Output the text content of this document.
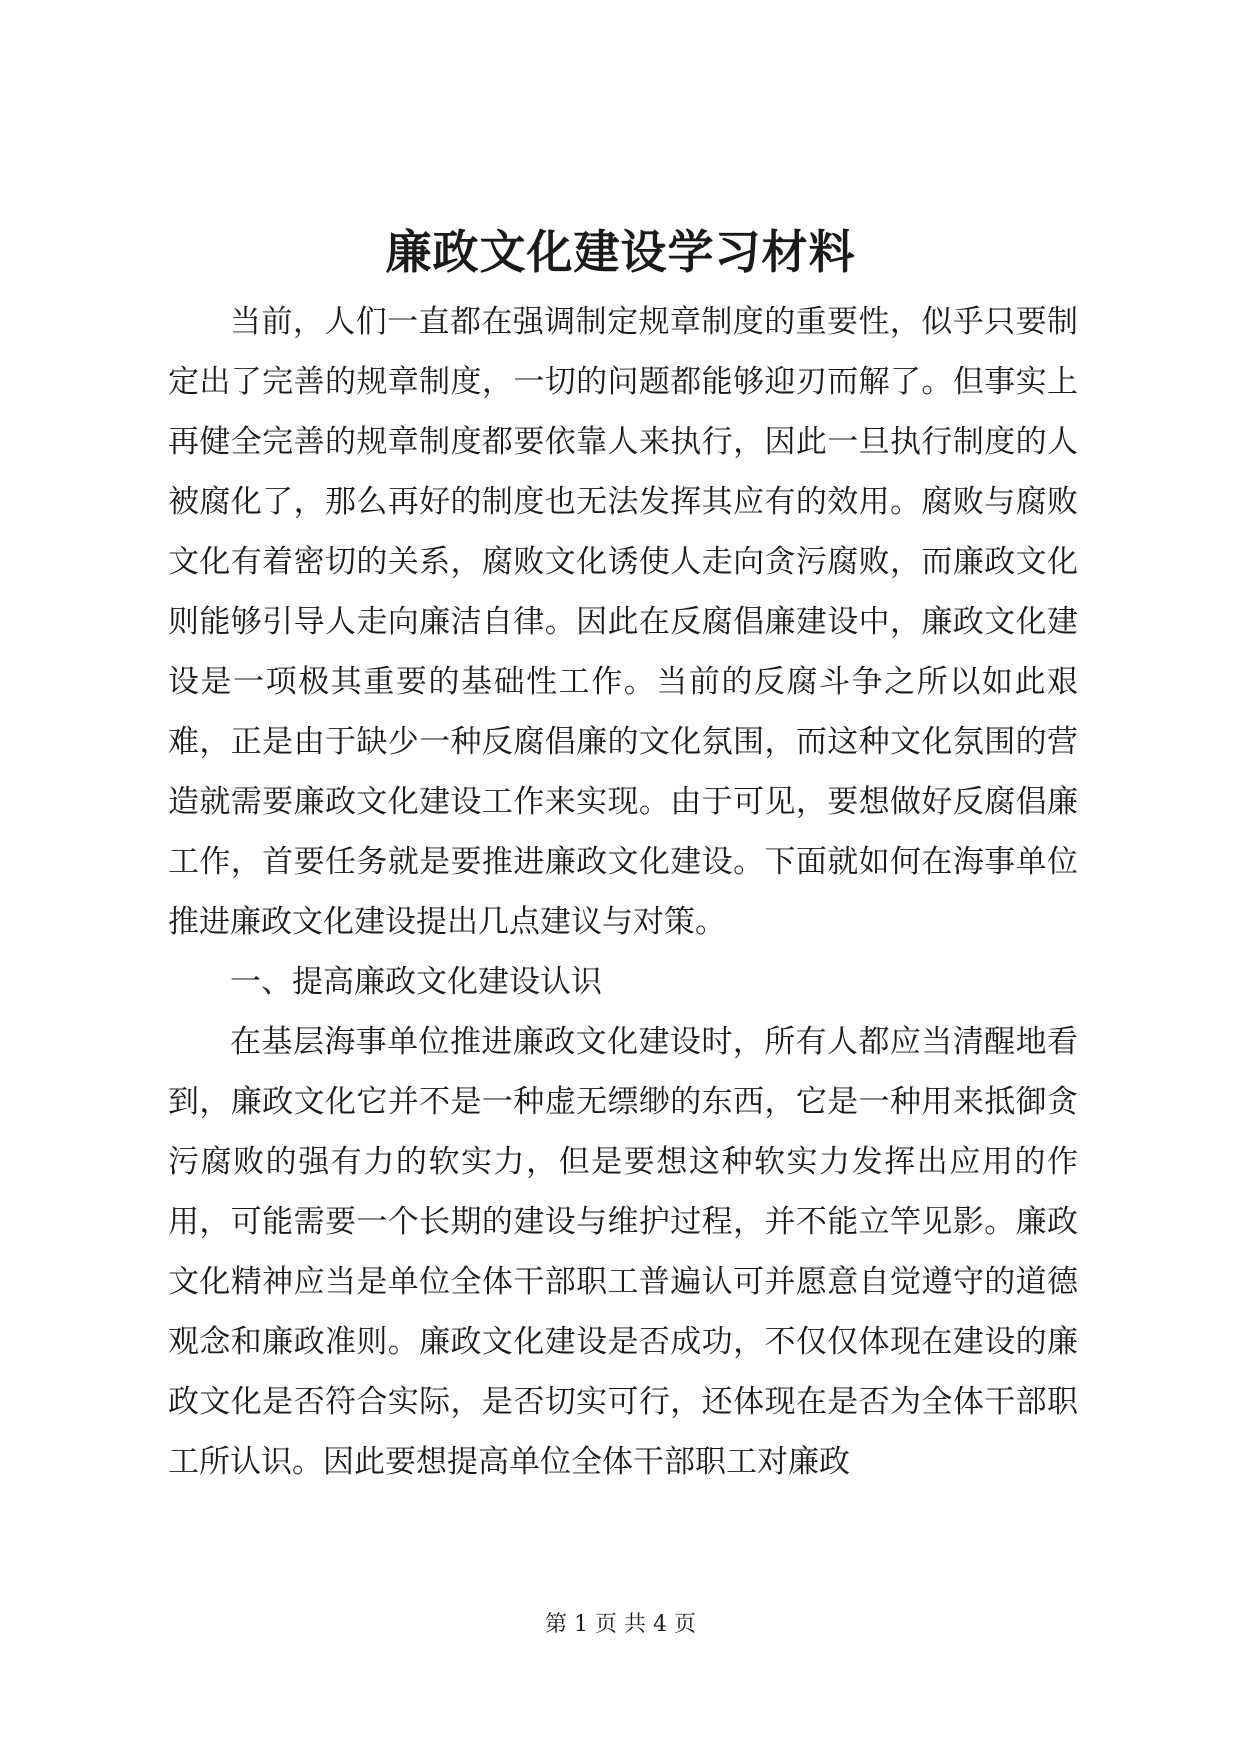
廉政文化建设学习材料

当前，人们一直都在强调制定规章制度的重要性，似乎只要制定出了完善的规章制度，一切的问题都能够迎刃而解了。但事实上再健全完善的规章制度都要依靠人来执行，因此一旦执行制度的人被腐化了，那么再好的制度也无法发挥其应有的效用。腐败与腐败文化有着密切的关系，腐败文化诱使人走向贪污腐败，而廉政文化则能够引导人走向廉洁自律。因此在反腐倡廉建设中，廉政文化建设是一项极其重要的基础性工作。当前的反腐斗争之所以如此艰难，正是由于缺少一种反腐倡廉的文化氛围，而这种文化氛围的营造就需要廉政文化建设工作来实现。由于可见，要想做好反腐倡廉工作，首要任务就是要推进廉政文化建设。下面就如何在海事单位推进廉政文化建设提出几点建议与对策。

一、提高廉政文化建设认识

在基层海事单位推进廉政文化建设时，所有人都应当清醒地看到，廉政文化它并不是一种虚无缥缈的东西，它是一种用来抵御贪污腐败的强有力的软实力，但是要想这种软实力发挥出应用的作用，可能需要一个长期的建设与维护过程，并不能立竿见影。廉政文化精神应当是单位全体干部职工普遍认可并愿意自觉遵守的道德观念和廉政准则。廉政文化建设是否成功，不仅仅体现在建设的廉政文化是否符合实际，是否切实可行，还体现在是否为全体干部职工所认识。因此要想提高单位全体干部职工对廉政

第 1 页 共 4 页
